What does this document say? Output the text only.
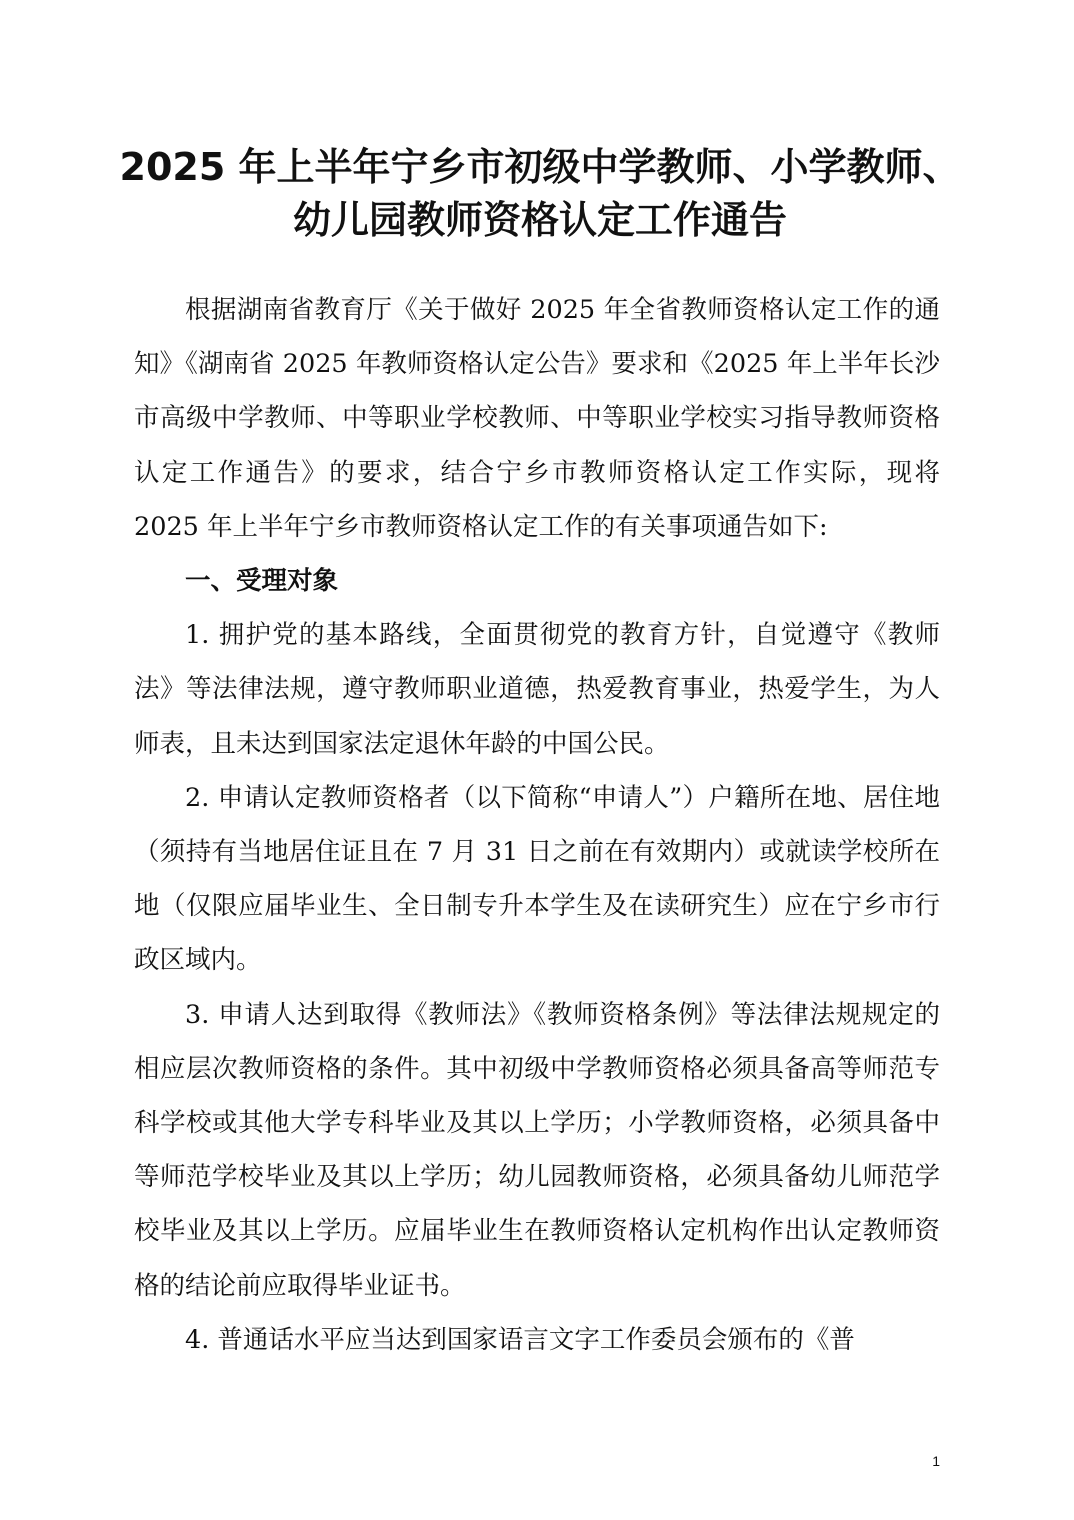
2025 年上半年宁乡市初级中学教师、小学教师、
幼儿园教师资格认定工作通告

根据湖南省教育厅《关于做好 2025 年全省教师资格认定工作的通知》《湖南省 2025 年教师资格认定公告》要求和《2025 年上半年长沙市高级中学教师、中等职业学校教师、中等职业学校实习指导教师资格认定工作通告》的要求，结合宁乡市教师资格认定工作实际，现将 2025 年上半年宁乡市教师资格认定工作的有关事项通告如下:

一、受理对象

1. 拥护党的基本路线，全面贯彻党的教育方针，自觉遵守《教师法》等法律法规，遵守教师职业道德，热爱教育事业，热爱学生，为人师表，且未达到国家法定退休年龄的中国公民。

2. 申请认定教师资格者（以下简称“申请人”）户籍所在地、居住地（须持有当地居住证且在 7 月 31 日之前在有效期内）或就读学校所在地（仅限应届毕业生、全日制专升本学生及在读研究生）应在宁乡市行政区域内。

3. 申请人达到取得《教师法》《教师资格条例》等法律法规规定的相应层次教师资格的条件。其中初级中学教师资格必须具备高等师范专科学校或其他大学专科毕业及其以上学历；小学教师资格，必须具备中等师范学校毕业及其以上学历；幼儿园教师资格，必须具备幼儿师范学校毕业及其以上学历。应届毕业生在教师资格认定机构作出认定教师资格的结论前应取得毕业证书。

4. 普通话水平应当达到国家语言文字工作委员会颁布的《普

1
